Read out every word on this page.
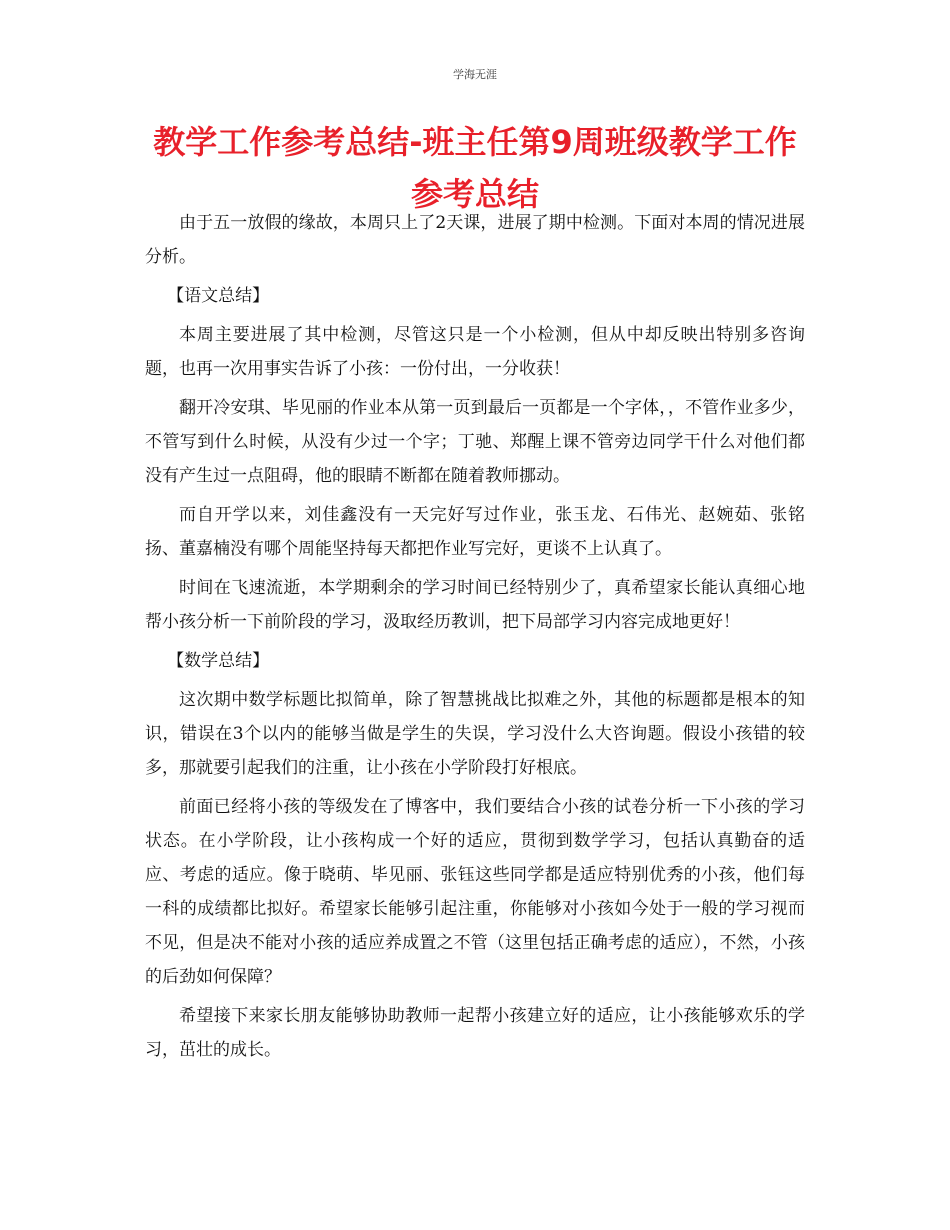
学海无涯
教学工作参考总结-班主任第9周班级教学工作参考总结

由于五一放假的缘故，本周只上了2天课，进展了期中检测。下面对本周的情况进展分析。

【语文总结】

本周主要进展了其中检测，尽管这只是一个小检测，但从中却反映出特别多咨询题，也再一次用事实告诉了小孩：一份付出，一分收获！

翻开冷安琪、毕见丽的作业本从第一页到最后一页都是一个字体，，不管作业多少，不管写到什么时候，从没有少过一个字；丁驰、郑醒上课不管旁边同学干什么对他们都没有产生过一点阻碍，他的眼睛不断都在随着教师挪动。

而自开学以来，刘佳鑫没有一天完好写过作业，张玉龙、石伟光、赵婉茹、张铭扬、董嘉楠没有哪个周能坚持每天都把作业写完好，更谈不上认真了。

时间在飞速流逝，本学期剩余的学习时间已经特别少了，真希望家长能认真细心地帮小孩分析一下前阶段的学习，汲取经历教训，把下局部学习内容完成地更好！

【数学总结】

这次期中数学标题比拟简单，除了智慧挑战比拟难之外，其他的标题都是根本的知识，错误在3个以内的能够当做是学生的失误，学习没什么大咨询题。假设小孩错的较多，那就要引起我们的注重，让小孩在小学阶段打好根底。

前面已经将小孩的等级发在了博客中，我们要结合小孩的试卷分析一下小孩的学习状态。在小学阶段，让小孩构成一个好的适应，贯彻到数学学习，包括认真勤奋的适应、考虑的适应。像于晓萌、毕见丽、张钰这些同学都是适应特别优秀的小孩，他们每一科的成绩都比拟好。希望家长能够引起注重，你能够对小孩如今处于一般的学习视而不见，但是决不能对小孩的适应养成置之不管（这里包括正确考虑的适应），不然，小孩的后劲如何保障？

希望接下来家长朋友能够协助教师一起帮小孩建立好的适应，让小孩能够欢乐的学习，茁壮的成长。
